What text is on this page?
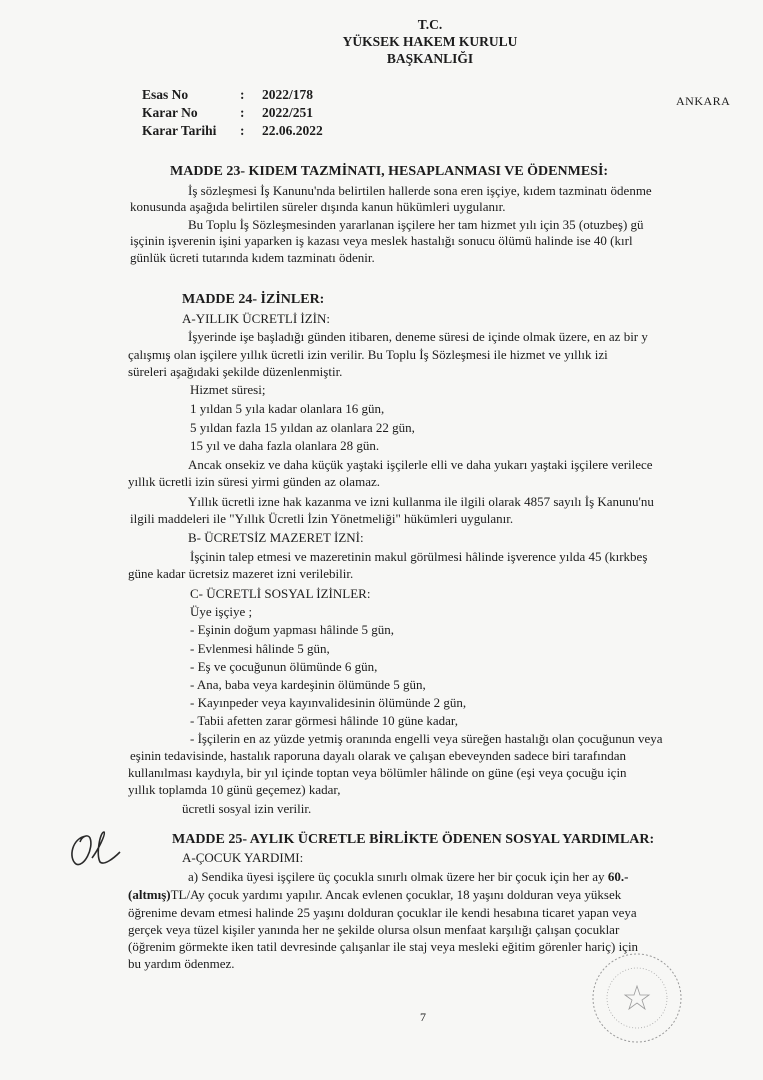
T.C.
YÜKSEK HAKEM KURULU
BAŞKANLIĞI
Esas No	: 2022/178
Karar No	: 2022/251
Karar Tarihi : 22.06.2022
ANKARA
MADDE 23- KIDEM TAZMİNATI, HESAPLANMASI VE ÖDENMESİ:
İş sözleşmesi İş Kanunu'nda belirtilen hallerde sona eren işçiye, kıdem tazminatı ödenme
konusunda aşağıda belirtilen süreler dışında kanun hükümleri uygulanır.
Bu Toplu İş Sözleşmesinden yararlanan işçilere her tam hizmet yılı için 35 (otuzbeş) gü
işçinin işverenin işini yaparken iş kazası veya meslek hastalığı sonucu ölümü halinde ise 40 (kırl
günlük ücreti tutarında kıdem tazminatı ödenir.
MADDE 24- İZİNLER:
A-YILLIK ÜCRETLİ İZİN:
İşyerinde işe başladığı günden itibaren, deneme süresi de içinde olmak üzere, en az bir y
çalışmış olan işçilere yıllık ücretli izin verilir. Bu Toplu İş Sözleşmesi ile hizmet ve yıllık izi
süreleri aşağıdaki şekilde düzenlenmiştir.
Hizmet süresi;
1 yıldan 5 yıla kadar olanlara 16 gün,
5 yıldan fazla 15 yıldan az olanlara 22 gün,
15 yıl ve daha fazla olanlara 28 gün.
Ancak onsekiz ve daha küçük yaştaki işçilerle elli ve daha yukarı yaştaki işçilere verilece
yıllık ücretli izin süresi yirmi günden az olamaz.
Yıllık ücretli izne hak kazanma ve izni kullanma ile ilgili olarak 4857 sayılı İş Kanunu'nu
ilgili maddeleri ile "Yıllık Ücretli İzin Yönetmeliği" hükümleri uygulanır.
B- ÜCRETSİZ MAZERET İZNİ:
İşçinin talep etmesi ve mazeretinin makul görülmesi hâlinde işverence yılda 45 (kırkbeş
güne kadar ücretsiz mazeret izni verilebilir.
C- ÜCRETLİ SOSYAL İZİNLER:
Üye işçiye ;
- Eşinin doğum yapması hâlinde 5 gün,
- Evlenmesi hâlinde 5 gün,
- Eş ve çocuğunun ölümünde 6 gün,
- Ana, baba veya kardeşinin ölümünde 5 gün,
- Kayınpeder veya kayınvalidesinin ölümünde 2 gün,
- Tabii afetten zarar görmesi hâlinde 10 güne kadar,
- İşçilerin en az yüzde yetmiş oranında engelli veya süreğen hastalığı olan çocuğunun veya
eşinin tedavisinde, hastalık raporuna dayalı olarak ve çalışan ebeveynden sadece biri tarafından
kullanılması kaydıyla, bir yıl içinde toptan veya bölümler hâlinde on güne (eşi veya çocuğu için
yıllık toplamda 10 günü geçemez) kadar,
ücretli sosyal izin verilir.
MADDE 25- AYLIK ÜCRETLE BİRLİKTE ÖDENEN SOSYAL YARDIMLAR:
A-ÇOCUK YARDIMI:
a) Sendika üyesi işçilere üç çocukla sınırlı olmak üzere her bir çocuk için her ay 60.-
(altmış)TL/Ay çocuk yardımı yapılır. Ancak evlenen çocuklar, 18 yaşını dolduran veya yüksek
öğrenime devam etmesi halinde 25 yaşını dolduran çocuklar ile kendi hesabına ticaret yapan veya
gerçek veya tüzel kişiler yanında her ne şekilde olursa olsun menfaat karşılığı çalışan çocuklar
(öğrenim görmekte iken tatil devresinde çalışanlar ile staj veya mesleki eğitim görenler hariç) için
bu yardım ödenmez.
7
